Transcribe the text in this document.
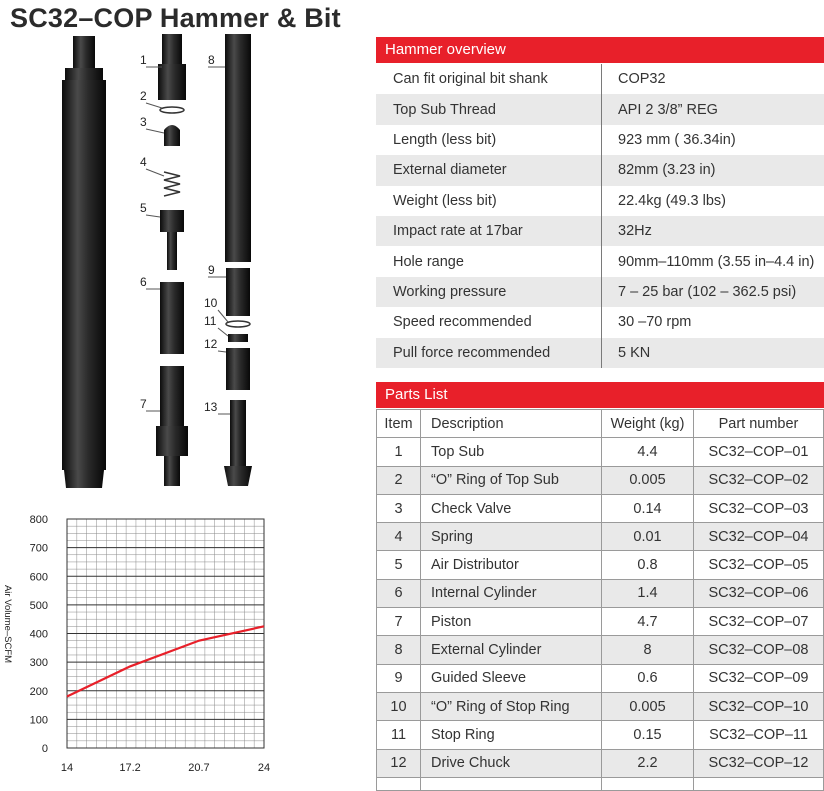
SC32–COP Hammer & Bit
1
2
3
4
5
6
7
8
9
10
11
12
13
0
100
200
300
400
500
600
700
800
14	17.2	20.7	24
Air Volume–SCFM
Hammer overview
Can fit original bit shank	COP32
Top Sub Thread	API 2 3/8” REG
Length (less bit)	923 mm ( 36.34in)
External diameter	82mm (3.23 in)
Weight (less bit)	22.4kg (49.3 lbs)
Impact rate at 17bar	32Hz
Hole range	90mm–110mm (3.55 in–4.4 in)
Working pressure	7 – 25 bar (102 – 362.5 psi)
Speed recommended	30 –70 rpm
Pull force recommended	5 KN
Parts List
Item	Description	Weight (kg)	Part number
1	Top Sub	4.4	SC32–COP–01
2	“O” Ring of Top Sub	0.005	SC32–COP–02
3	Check Valve	0.14	SC32–COP–03
4	Spring	0.01	SC32–COP–04
5	Air Distributor	0.8	SC32–COP–05
6	Internal Cylinder	1.4	SC32–COP–06
7	Piston	4.7	SC32–COP–07
8	External Cylinder	8	SC32–COP–08
9	Guided Sleeve	0.6	SC32–COP–09
10	“O” Ring of Stop Ring	0.005	SC32–COP–10
11	Stop Ring	0.15	SC32–COP–11
12	Drive Chuck	2.2	SC32–COP–12
